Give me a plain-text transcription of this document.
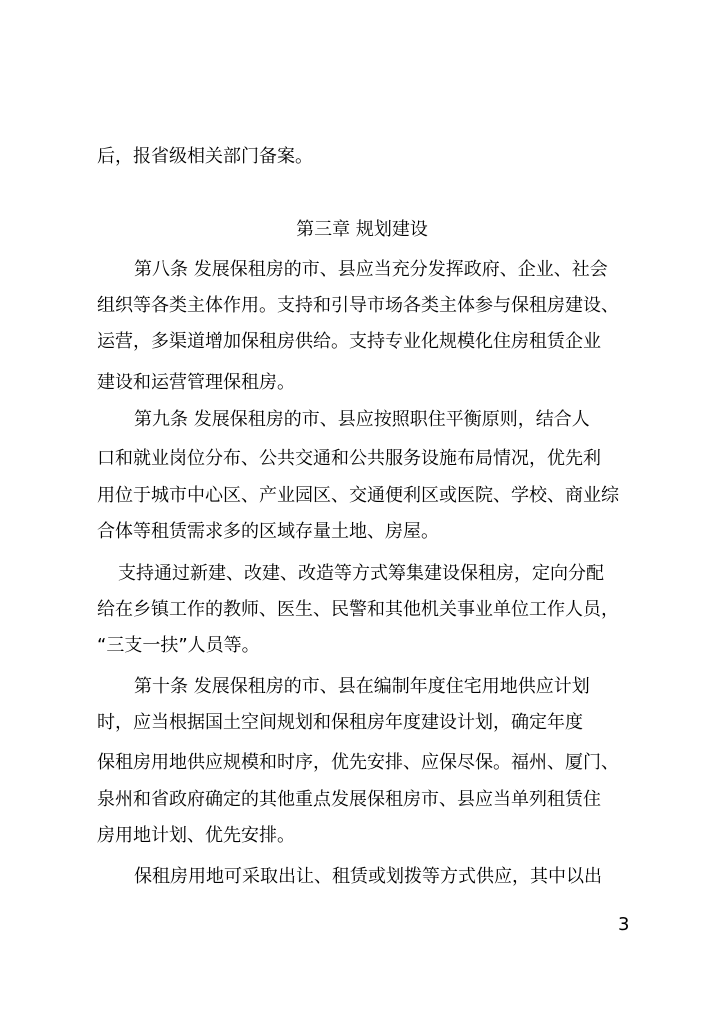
后，报省级相关部门备案。
第三章 规划建设
第八条 发展保租房的市、县应当充分发挥政府、企业、社会
组织等各类主体作用。支持和引导市场各类主体参与保租房建设、
运营，多渠道增加保租房供给。支持专业化规模化住房租赁企业
建设和运营管理保租房。
第九条 发展保租房的市、县应按照职住平衡原则，结合人
口和就业岗位分布、公共交通和公共服务设施布局情况，优先利
用位于城市中心区、产业园区、交通便利区或医院、学校、商业综
合体等租赁需求多的区域存量土地、房屋。
支持通过新建、改建、改造等方式筹集建设保租房，定向分配
给在乡镇工作的教师、医生、民警和其他机关事业单位工作人员，
“三支一扶”人员等。
第十条 发展保租房的市、县在编制年度住宅用地供应计划
时，应当根据国土空间规划和保租房年度建设计划，确定年度
保租房用地供应规模和时序，优先安排、应保尽保。福州、厦门、
泉州和省政府确定的其他重点发展保租房市、县应当单列租赁住
房用地计划、优先安排。
保租房用地可采取出让、租赁或划拨等方式供应，其中以出
3
